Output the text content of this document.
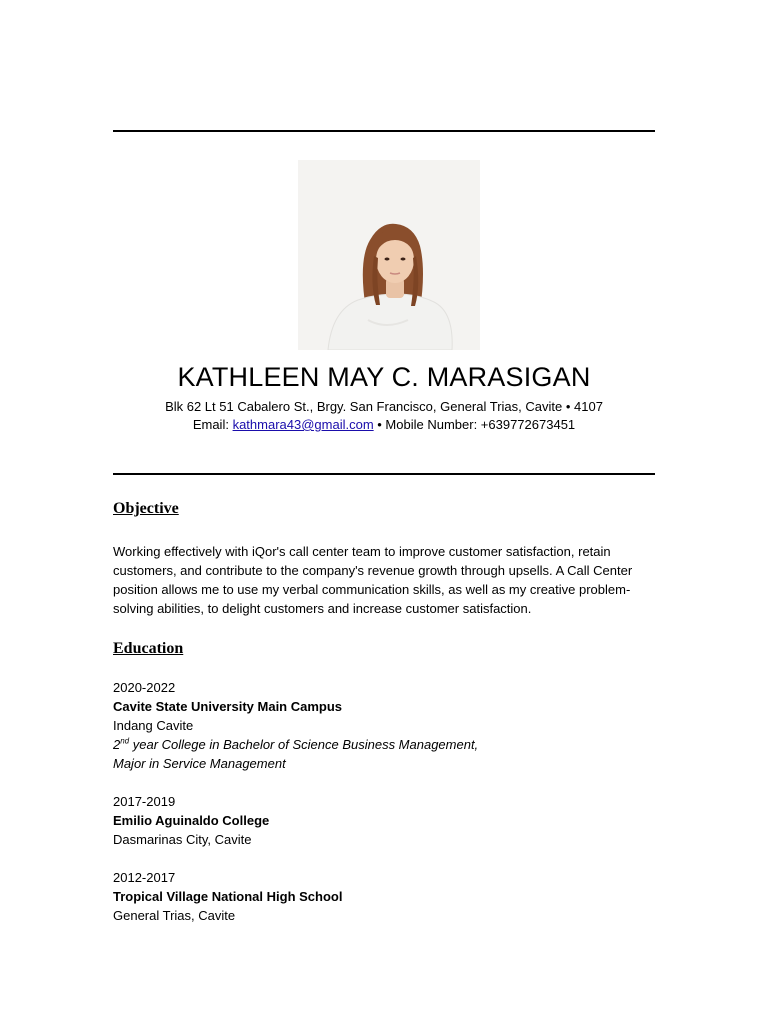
KATHLEEN MAY C. MARASIGAN
Blk 62 Lt 51 Cabalero St., Brgy. San Francisco, General Trias, Cavite • 4107
Email: kathmara43@gmail.com • Mobile Number: +639772673451
Objective
Working effectively with iQor's call center team to improve customer satisfaction, retain customers, and contribute to the company's revenue growth through upsells. A Call Center position allows me to use my verbal communication skills, as well as my creative problem-solving abilities, to delight customers and increase customer satisfaction.
Education
2020-2022
Cavite State University Main Campus
Indang Cavite
2nd year College in Bachelor of Science Business Management,
Major in Service Management
2017-2019
Emilio Aguinaldo College
Dasmarinas City, Cavite
2012-2017
Tropical Village National High School
General Trias, Cavite
